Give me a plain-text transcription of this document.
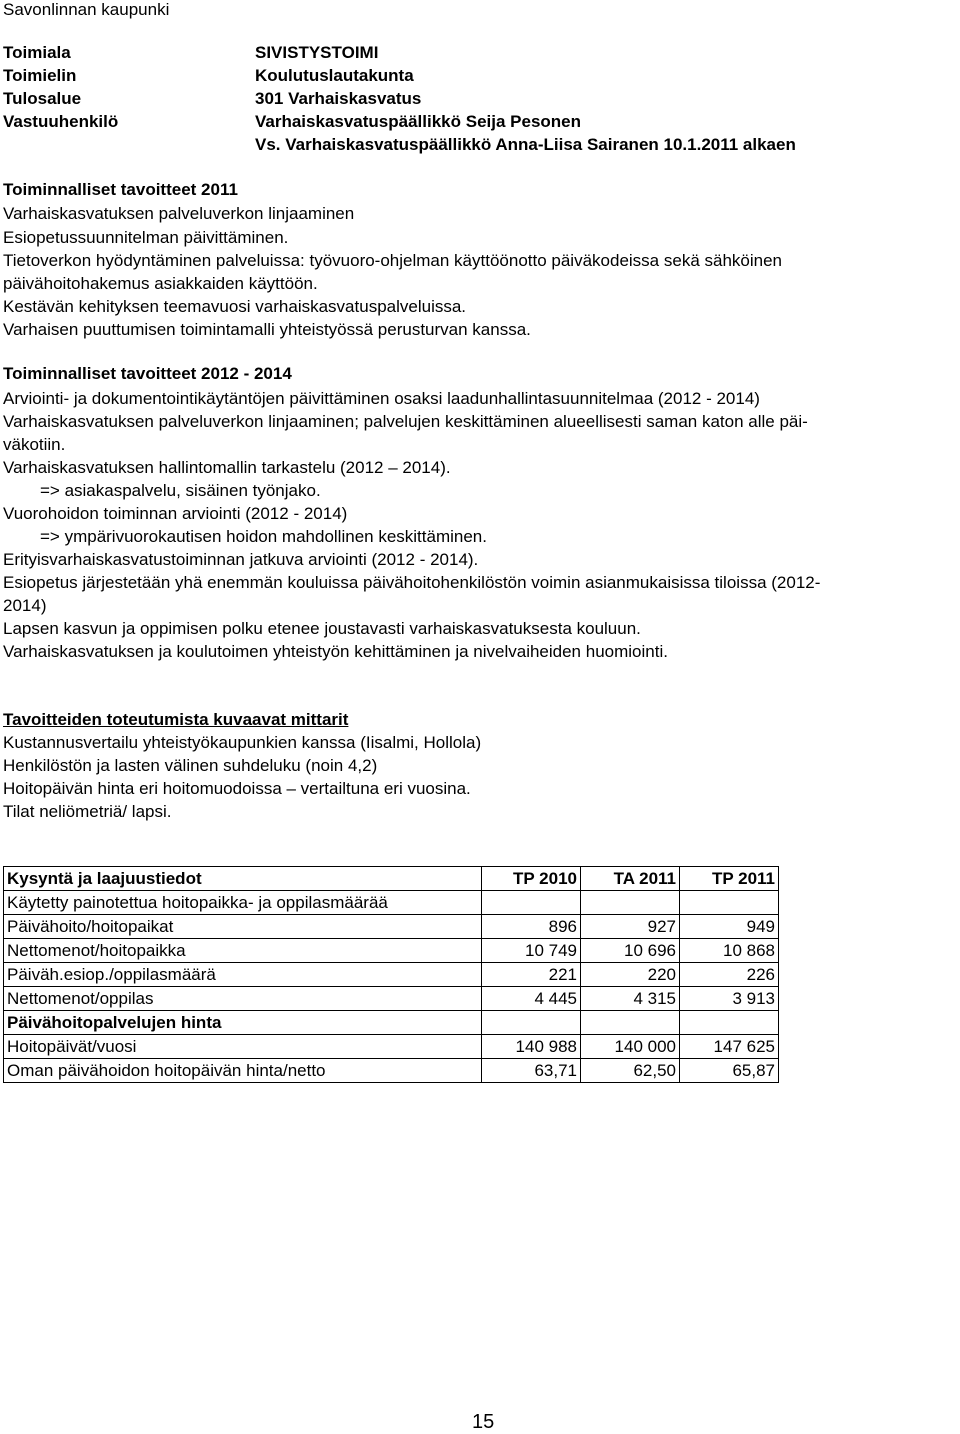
Savonlinnan kaupunki
Toimiala	SIVISTYSTOIMI
Toimielin	Koulutuslautakunta
Tulosalue	301 Varhaiskasvatus
Vastuuhenkilö	Varhaiskasvatuspäällikkö Seija Pesonen
Vs. Varhaiskasvatuspäällikkö Anna-Liisa Sairanen 10.1.2011 alkaen
Toiminnalliset tavoitteet 2011
Varhaiskasvatuksen palveluverkon linjaaminen
Esiopetussuunnitelman päivittäminen.
Tietoverkon hyödyntäminen palveluissa: työvuoro-ohjelman käyttöönotto päiväkodeissa sekä sähköinen
päivähoitohakemus asiakkaiden käyttöön.
Kestävän kehityksen teemavuosi varhaiskasvatuspalveluissa.
Varhaisen puuttumisen toimintamalli yhteistyössä perusturvan kanssa.
Toiminnalliset tavoitteet 2012 - 2014
Arviointi- ja dokumentointikäytäntöjen päivittäminen osaksi laadunhallintasuunnitelmaa (2012 - 2014)
Varhaiskasvatuksen palveluverkon linjaaminen; palvelujen keskittäminen alueellisesti saman katon alle päi-
väkotiin.
Varhaiskasvatuksen hallintomallin tarkastelu (2012 – 2014).
=> asiakaspalvelu, sisäinen työnjako.
Vuorohoidon toiminnan arviointi (2012 - 2014)
=> ympärivuorokautisen hoidon mahdollinen keskittäminen.
Erityisvarhaiskasvatustoiminnan jatkuva arviointi (2012 - 2014).
Esiopetus järjestetään yhä enemmän kouluissa päivähoitohenkilöstön voimin asianmukaisissa tiloissa (2012-
2014)
Lapsen kasvun ja oppimisen polku etenee joustavasti varhaiskasvatuksesta kouluun.
Varhaiskasvatuksen ja koulutoimen yhteistyön kehittäminen ja nivelvaiheiden huomiointi.
Tavoitteiden toteutumista kuvaavat mittarit
Kustannusvertailu yhteistyökaupunkien kanssa (Iisalmi, Hollola)
Henkilöstön ja lasten välinen suhdeluku (noin 4,2)
Hoitopäivän hinta eri hoitomuodoissa – vertailtuna eri vuosina.
Tilat neliömetriä/ lapsi.
Kysyntä ja laajuustiedot	TP 2010	TA 2011	TP 2011
Käytetty painotettua hoitopaikka- ja oppilasmäärää			
Päivähoito/hoitopaikat	896	927	949
Nettomenot/hoitopaikka	10 749	10 696	10 868
Päiväh.esiop./oppilasmäärä	221	220	226
Nettomenot/oppilas	4 445	4 315	3 913
Päivähoitopalvelujen hinta			
Hoitopäivät/vuosi	140 988	140 000	147 625
Oman päivähoidon hoitopäivän hinta/netto	63,71	62,50	65,87
15
